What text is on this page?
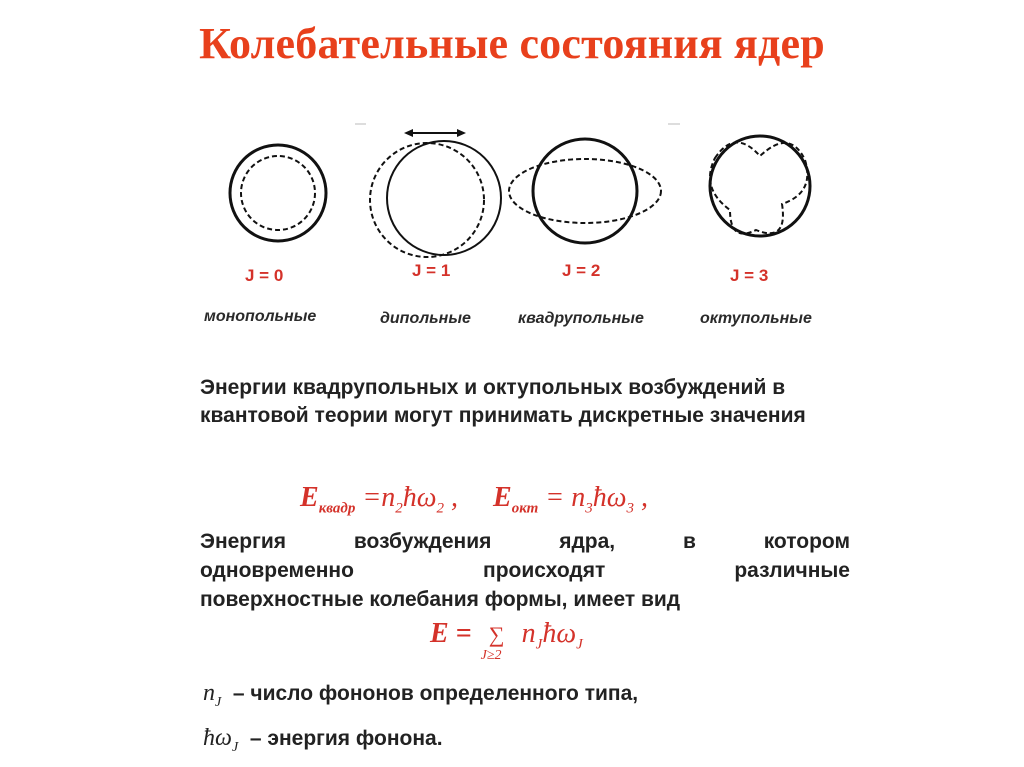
Колебательные состояния ядер
J = 0	J = 1	J = 2	J = 3
монопольные	дипольные	квадрупольные	октупольные
Энергии квадрупольных и октупольных возбуждений в квантовой теории могут принимать дискретные значения
$E_{квадр}$ $=n_2ħ\omega_2$ , $E_{окт}$ = $n_3ħ\omega_3$ ,
Энергия возбуждения ядра, в котором
одновременно происходят различные
поверхностные колебания формы, имеет вид
E = ∑
J≥2
$n_Jħ\omega_J$
$n_J$ – число фононов определенного типа,
$ħ\omega_J$ – энергия фонона.
